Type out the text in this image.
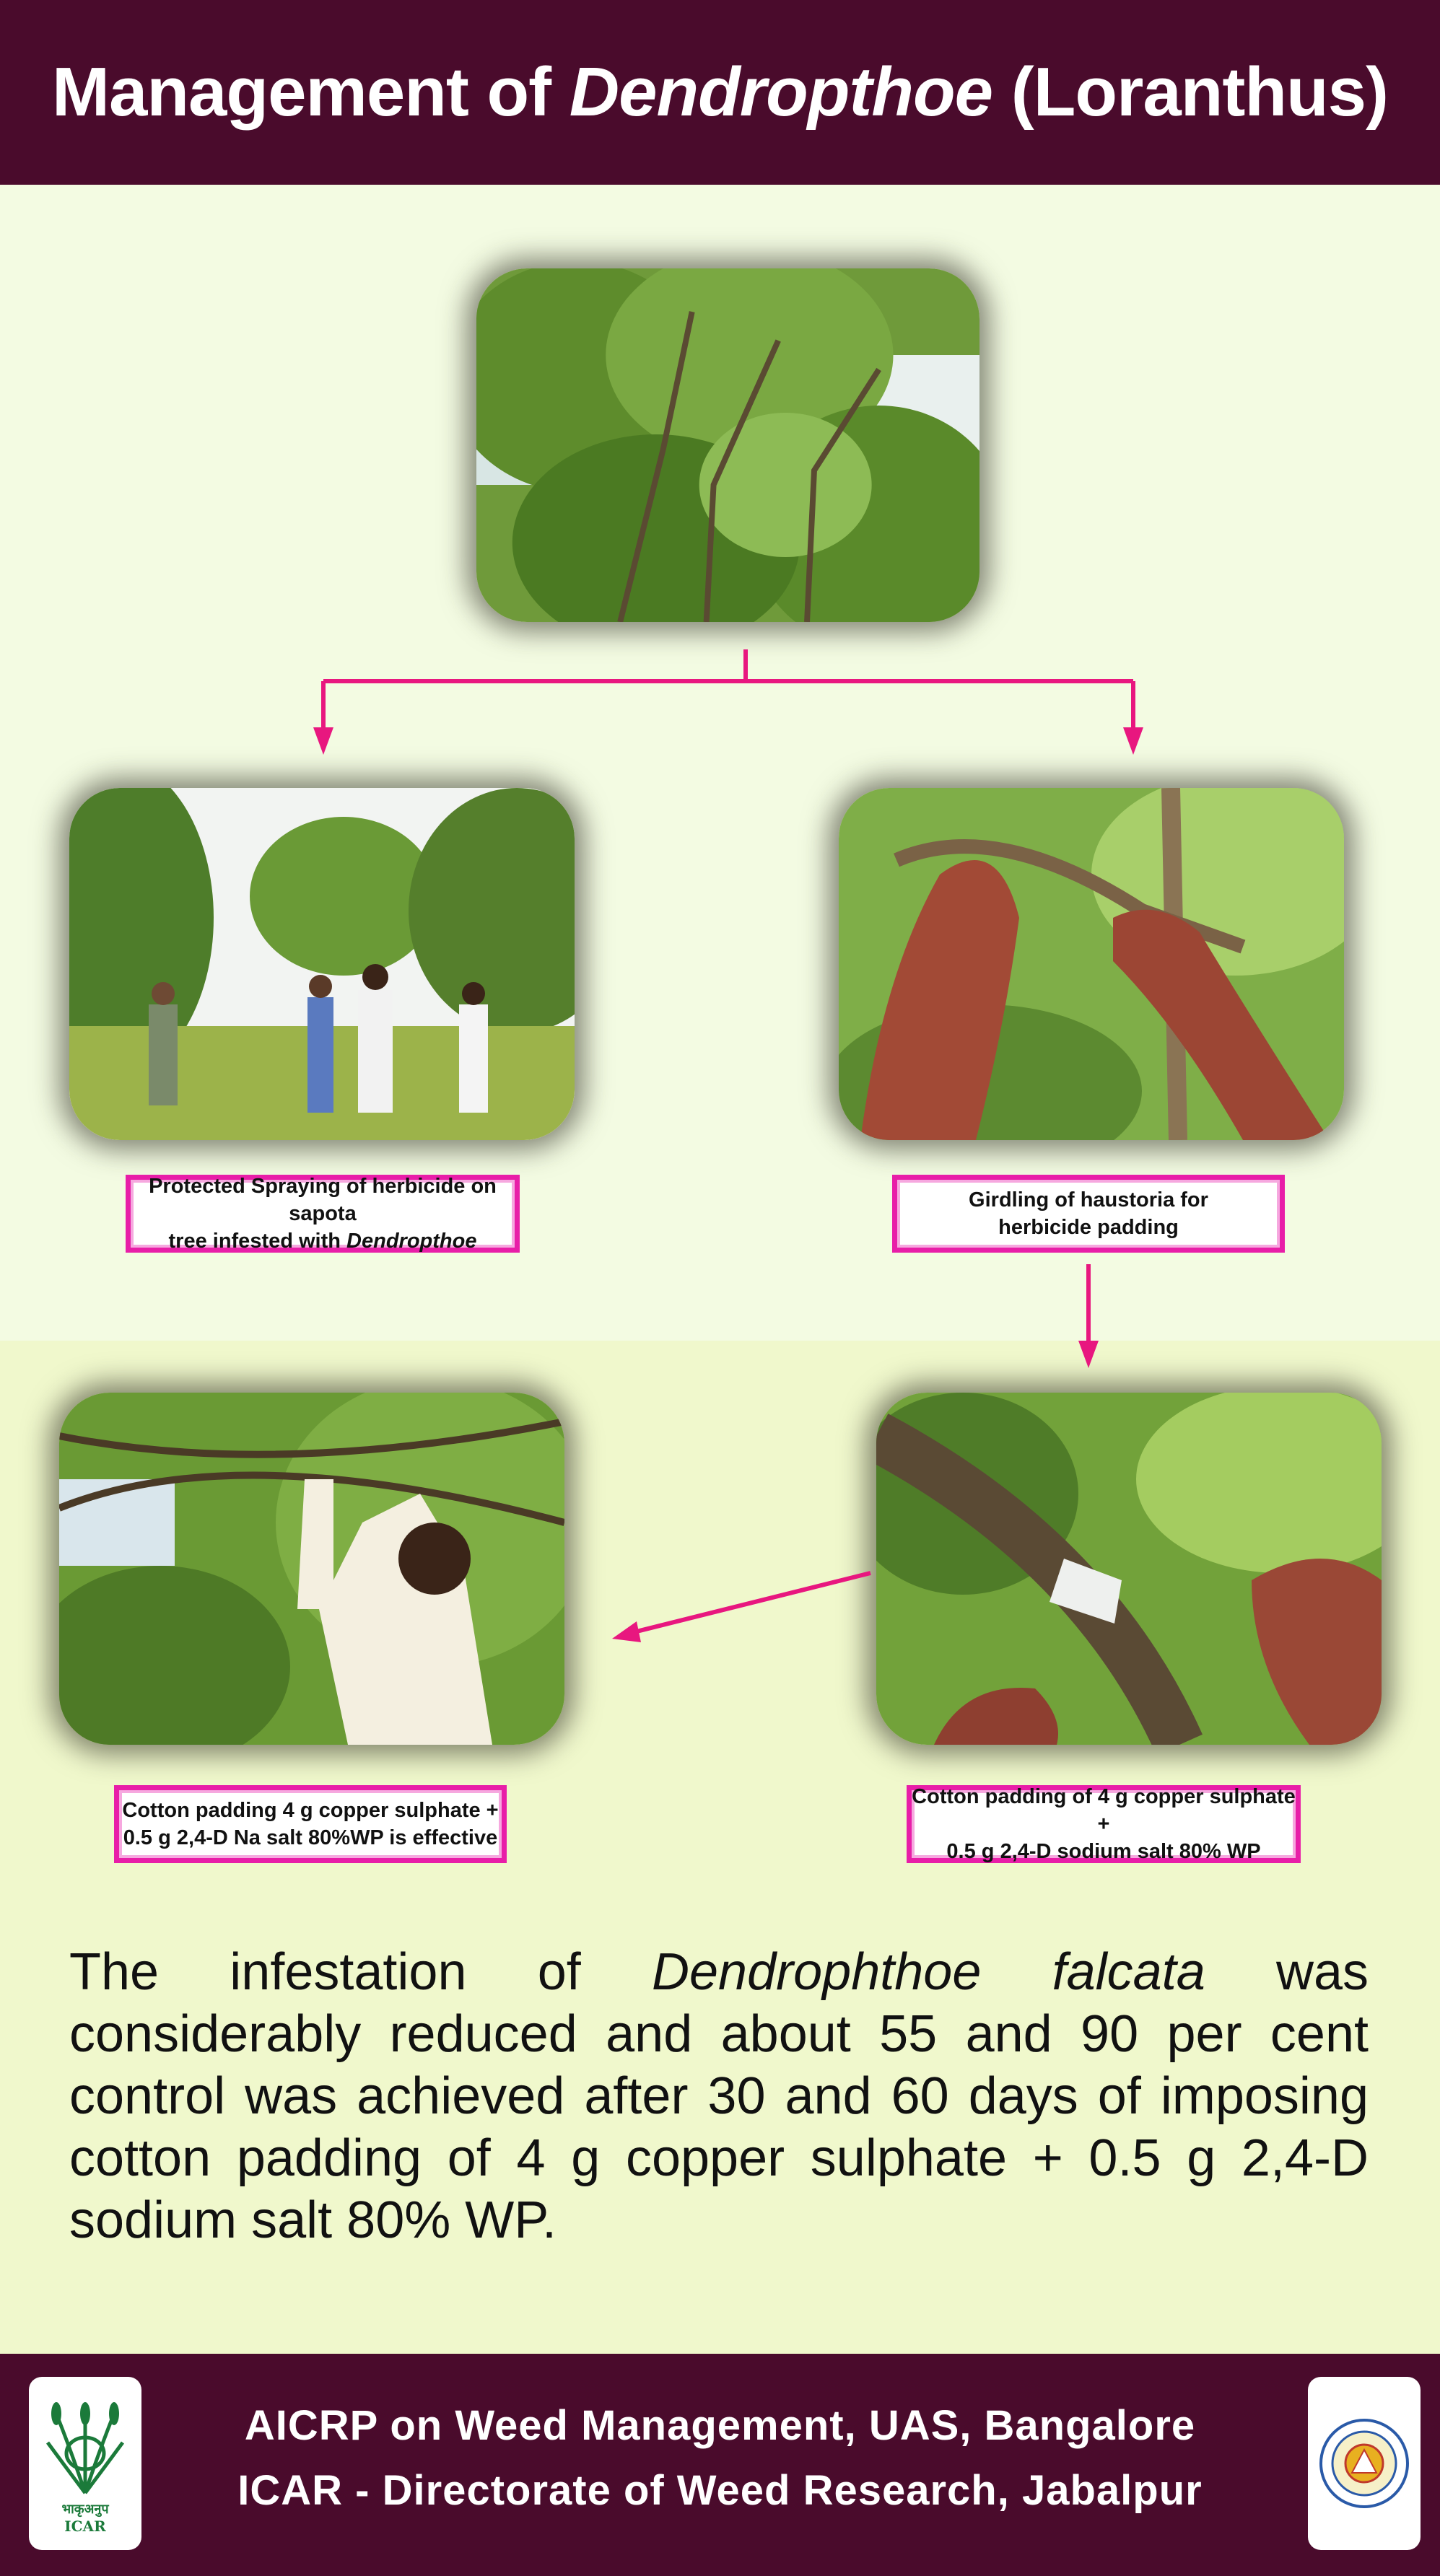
Management of Dendropthoe (Loranthus)
Protected Spraying of herbicide on sapota
tree infested with Dendropthoe
Girdling of haustoria for
herbicide padding
Cotton padding 4 g copper sulphate +
0.5 g 2,4-D Na salt 80%WP is effective
Cotton padding of 4 g copper sulphate +
0.5 g 2,4-D sodium salt 80% WP
The infestation of Dendrophthoe falcata was considerably reduced and about 55 and 90 per cent control was achieved after 30 and 60 days of imposing cotton padding of 4 g copper sulphate + 0.5 g 2,4-D sodium salt 80% WP.
भाकृअनुप
ICAR
AICRP on Weed Management, UAS, Bangalore
ICAR - Directorate of Weed Research, Jabalpur
